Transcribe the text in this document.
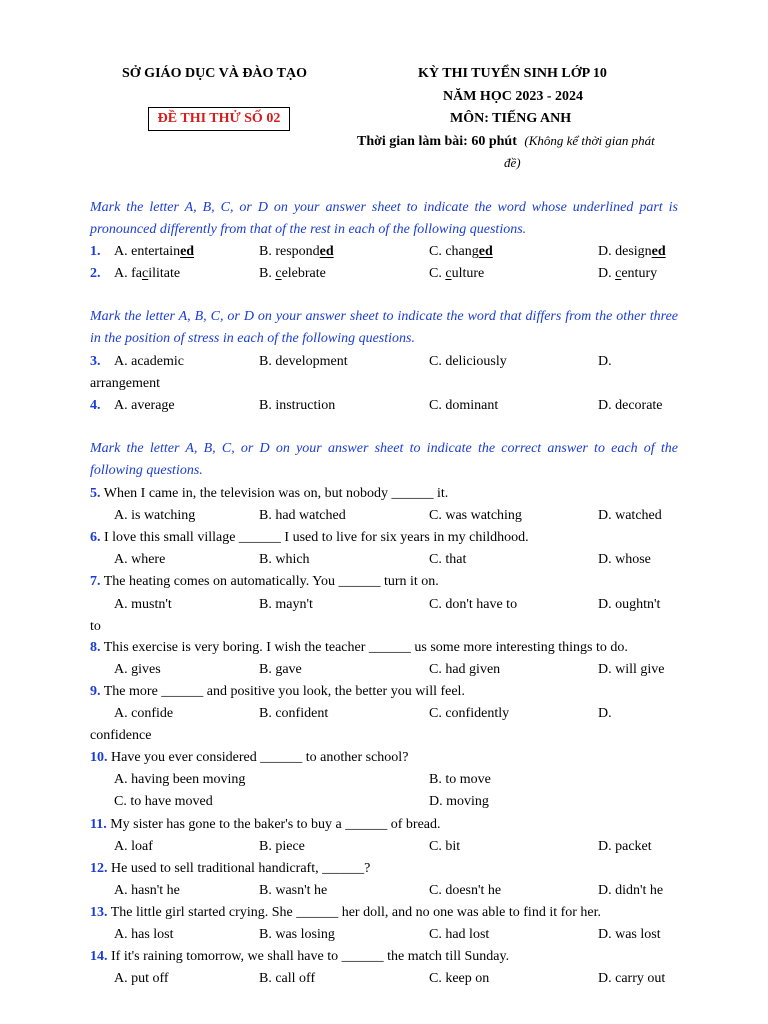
SỞ GIÁO DỤC VÀ ĐÀO TẠO	KỲ THI TUYỂN SINH LỚP 10
NĂM HỌC 2023 - 2024
ĐỀ THI THỬ SỐ 02	MÔN: TIẾNG ANH
Thời gian làm bài: 60 phút (Không kể thời gian phát
đề)
Mark the letter A, B, C, or D on your answer sheet to indicate the word whose underlined part is pronounced differently from that of the rest in each of the following questions.
1. A. entertained	B. responded	C. changed	D. designed
2. A. facilitate	B. celebrate	C. culture	D. century
Mark the letter A, B, C, or D on your answer sheet to indicate the word that differs from the other three in the position of stress in each of the following questions.
3. A. academic	B. development	C. deliciously	D.
arrangement
4. A. average	B. instruction	C. dominant	D. decorate
Mark the letter A, B, C, or D on your answer sheet to indicate the correct answer to each of the following questions.
5. When I came in, the television was on, but nobody ______ it.
A. is watching	B. had watched	C. was watching	D. watched
6. I love this small village ______ I used to live for six years in my childhood.
A. where	B. which	C. that	D. whose
7. The heating comes on automatically. You ______ turn it on.
A. mustn't	B. mayn't	C. don't have to	D. oughtn't
to
8. This exercise is very boring. I wish the teacher ______ us some more interesting things to do.
A. gives	B. gave	C. had given	D. will give
9. The more ______ and positive you look, the better you will feel.
A. confide	B. confident	C. confidently	D.
confidence
10. Have you ever considered ______ to another school?
A. having been moving	B. to move
C. to have moved	D. moving
11. My sister has gone to the baker's to buy a ______ of bread.
A. loaf	B. piece	C. bit	D. packet
12. He used to sell traditional handicraft, ______?
A. hasn't he	B. wasn't he	C. doesn't he	D. didn't he
13. The little girl started crying. She ______ her doll, and no one was able to find it for her.
A. has lost	B. was losing	C. had lost	D. was lost
14. If it's raining tomorrow, we shall have to ______ the match till Sunday.
A. put off	B. call off	C. keep on	D. carry out
